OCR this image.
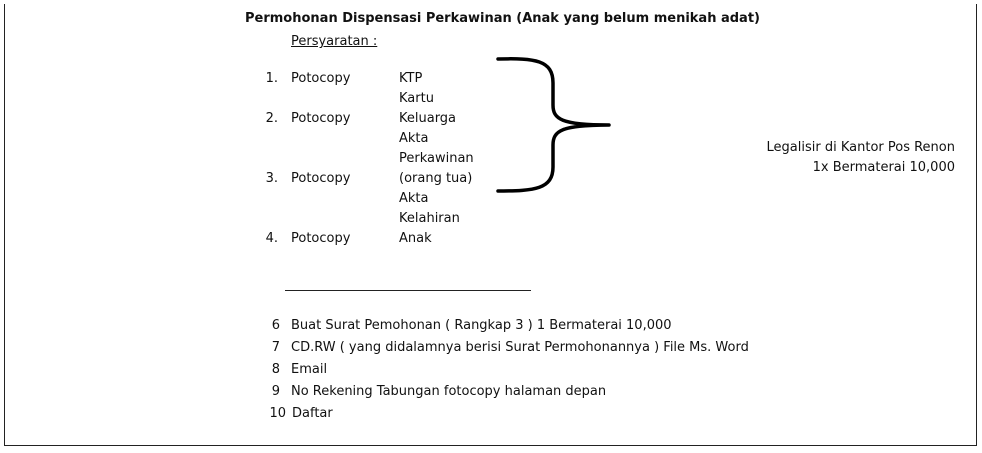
Permohonan Dispensasi Perkawinan (Anak yang belum menikah adat)
Persyaratan :
1. Potocopy	KTP
Kartu
2. Potocopy	Keluarga
Akta
Perkawinan
3. Potocopy	(orang tua)
Akta
Kelahiran
4. Potocopy	Anak
Legalisir di Kantor Pos Renon
1x Bermaterai 10,000
6 Buat Surat Pemohonan ( Rangkap 3 ) 1 Bermaterai 10,000
7 CD.RW ( yang didalamnya berisi Surat Permohonannya ) File Ms. Word
8 Email
9 No Rekening Tabungan fotocopy halaman depan
10 Daftar
